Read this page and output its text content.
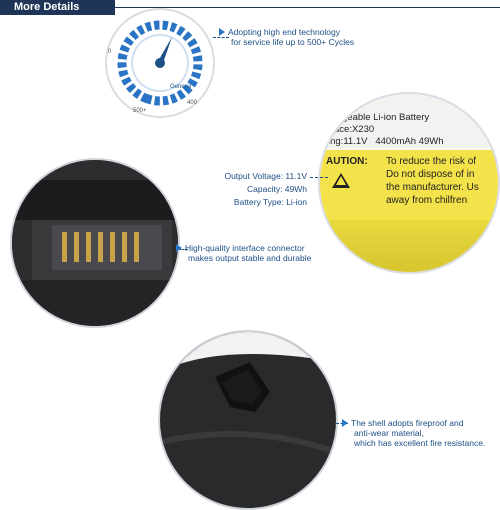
More Details
General
0
400
500+
Adopting high end technology
for service life up to 500+ Cycles
geable Li-ion Battery
ace:X230
ing:11.1V   4400mAh 49Wh
AUTION: To reduce the risk of
Do not dispose of in
the manufacturer. Us
away from chilfren
Output Voltage: 11.1V
Capacity: 49Wh
Battery Type: Li-ion
High-quality interface connector
makes output stable and durable
The shell adopts fireproof and
anti-wear material,
which has excellent fire resistance.
